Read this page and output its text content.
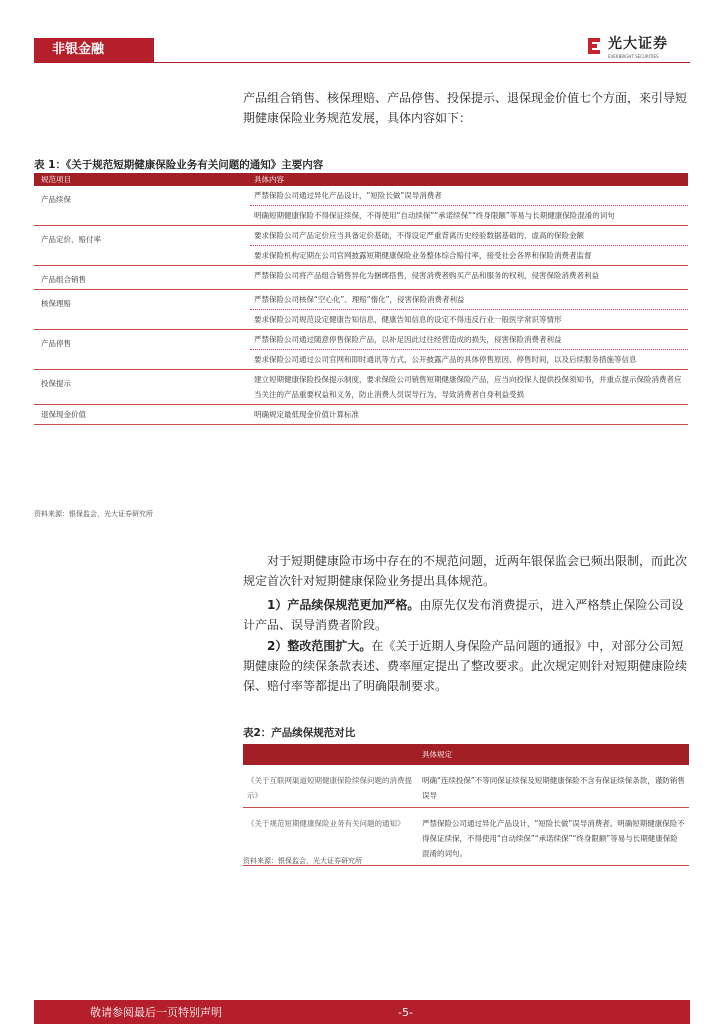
非银金融	光大证券
EVERBRIGHT SECURITIES

产品组合销售、核保理赔、产品停售、投保提示、退保现金价值七个方面，来引导短期健康保险业务规范发展，具体内容如下：

表 1：《关于规范短期健康保险业务有关问题的通知》主要内容
规范项目	具体内容
产品续保	严禁保险公司通过异化产品设计，“短险长做”误导消费者
	明确短期健康保险不得保证续保，不得使用“自动续保”“承诺续保”“终身限额”等易与长期健康保险混淆的词句
产品定价、赔付率	要求保险公司产品定价应当具备定价基础，不得设定严重背离历史经验数据基础的、虚高的保险金额
	要求保险机构定期在公司官网披露短期健康保险业务整体综合赔付率，接受社会各界和保险消费者监督
产品组合销售	严禁保险公司将产品组合销售异化为捆绑搭售，侵害消费者购买产品和服务的权利，侵害保险消费者利益
核保理赔	严禁保险公司核保“空心化”、理赔“惰化”，侵害保险消费者利益
	要求保险公司规范设定健康告知信息，健康告知信息的设定不得违反行业一般医学常识等情形
产品停售	严禁保险公司通过随意停售保险产品，以补足因此过往经营造成的损失，侵害保险消费者利益
	要求保险公司通过公司官网和即时通讯等方式，公开披露产品的具体停售原因、停售时间，以及后续服务措施等信息
投保提示	建立短期健康保险投保提示制度，要求保险公司销售短期健康保险产品，应当向投保人提供投保须知书，并重点提示保险消费者应当关注的产品重要权益和义务，防止消费人员误导行为，导致消费者自身利益受损
退保现金价值	明确规定最低现金价值计算标准
资料来源：银保监会，光大证券研究所

对于短期健康险市场中存在的不规范问题，近两年银保监会已频出限制，而此次规定首次针对短期健康保险业务提出具体规范。

1）产品续保规范更加严格。由原先仅发布消费提示，进入严格禁止保险公司设计产品、误导消费者阶段。

2）整改范围扩大。在《关于近期人身保险产品问题的通报》中，对部分公司短期健康险的续保条款表述、费率厘定提出了整改要求。此次规定则针对短期健康险续保、赔付率等都提出了明确限制要求。

表2：产品续保规范对比
	具体规定
《关于互联网渠道短期健康保险续保问题的消费提示》	明确“连续投保”不等同保证续保及短期健康保险不含有保证续保条款，谨防销售误导
《关于规范短期健康保险业务有关问题的通知》	严禁保险公司通过异化产品设计，“短险长做”误导消费者。明确短期健康保险不得保证续保，不得使用“自动续保”“承诺续保”“终身限额”等易与长期健康保险混淆的词句。
资料来源：银保监会，光大证券研究所
敬请参阅最后一页特别声明	-5-
